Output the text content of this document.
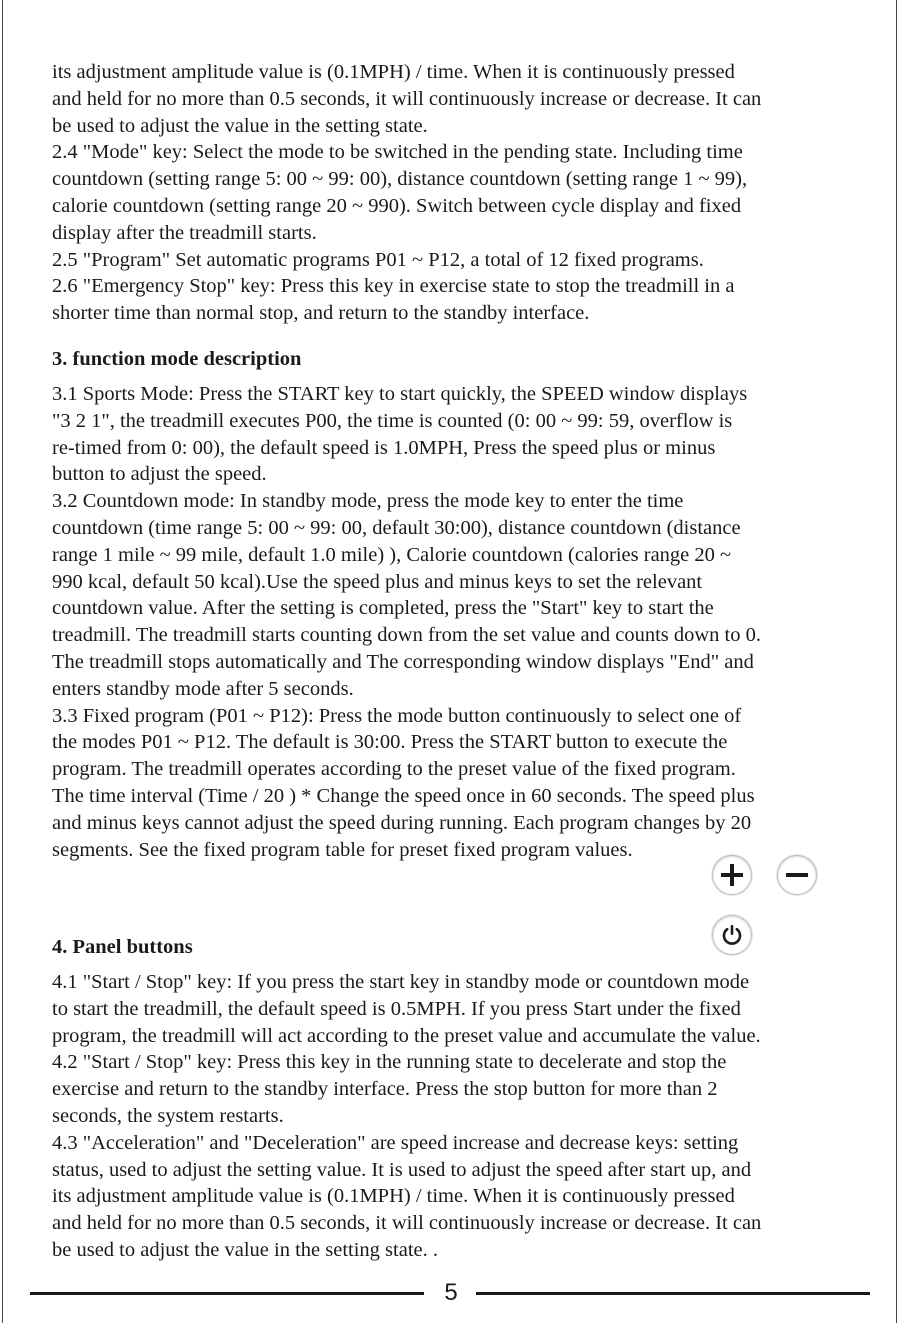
its adjustment amplitude value is (0.1MPH) / time. When it is continuously pressed
and held for no more than 0.5 seconds, it will continuously increase or decrease. It can
be used to adjust the value in the setting state.
2.4 "Mode" key: Select the mode to be switched in the pending state. Including time
countdown (setting range 5: 00 ~ 99: 00), distance countdown (setting range 1 ~ 99),
calorie countdown (setting range 20 ~ 990). Switch between cycle display and fixed
display after the treadmill starts.
2.5 "Program" Set automatic programs P01 ~ P12, a total of 12 fixed programs.
2.6 "Emergency Stop" key: Press this key in exercise state to stop the treadmill in a
shorter time than normal stop, and return to the standby interface.
3. function mode description
3.1 Sports Mode: Press the START key to start quickly, the SPEED window displays
"3 2 1", the treadmill executes P00, the time is counted (0: 00 ~ 99: 59, overflow is
re-timed from 0: 00), the default speed is 1.0MPH, Press the speed plus or minus
button to adjust the speed.
3.2 Countdown mode: In standby mode, press the mode key to enter the time
countdown (time range 5: 00 ~ 99: 00, default 30:00), distance countdown (distance
range 1 mile ~ 99 mile, default 1.0 mile) ), Calorie countdown (calories range 20 ~
990 kcal, default 50 kcal).Use the speed plus and minus keys to set the relevant
countdown value. After the setting is completed, press the "Start" key to start the
treadmill. The treadmill starts counting down from the set value and counts down to 0.
The treadmill stops automatically and The corresponding window displays "End" and
enters standby mode after 5 seconds.
3.3 Fixed program (P01 ~ P12): Press the mode button continuously to select one of
the modes P01 ~ P12. The default is 30:00. Press the START button to execute the
program. The treadmill operates according to the preset value of the fixed program.
The time interval (Time / 20 ) * Change the speed once in 60 seconds. The speed plus
and minus keys cannot adjust the speed during running. Each program changes by 20
segments. See the fixed program table for preset fixed program values.
4. Panel buttons
4.1 "Start / Stop" key: If you press the start key in standby mode or countdown mode
to start the treadmill, the default speed is 0.5MPH. If you press Start under the fixed
program, the treadmill will act according to the preset value and accumulate the value.
4.2 "Start / Stop" key: Press this key in the running state to decelerate and stop the
exercise and return to the standby interface. Press the stop button for more than 2
seconds, the system restarts.
4.3 "Acceleration" and "Deceleration" are speed increase and decrease keys: setting
status, used to adjust the setting value. It is used to adjust the speed after start up, and
its adjustment amplitude value is (0.1MPH) / time. When it is continuously pressed
and held for no more than 0.5 seconds, it will continuously increase or decrease. It can
be used to adjust the value in the setting state. .
5
